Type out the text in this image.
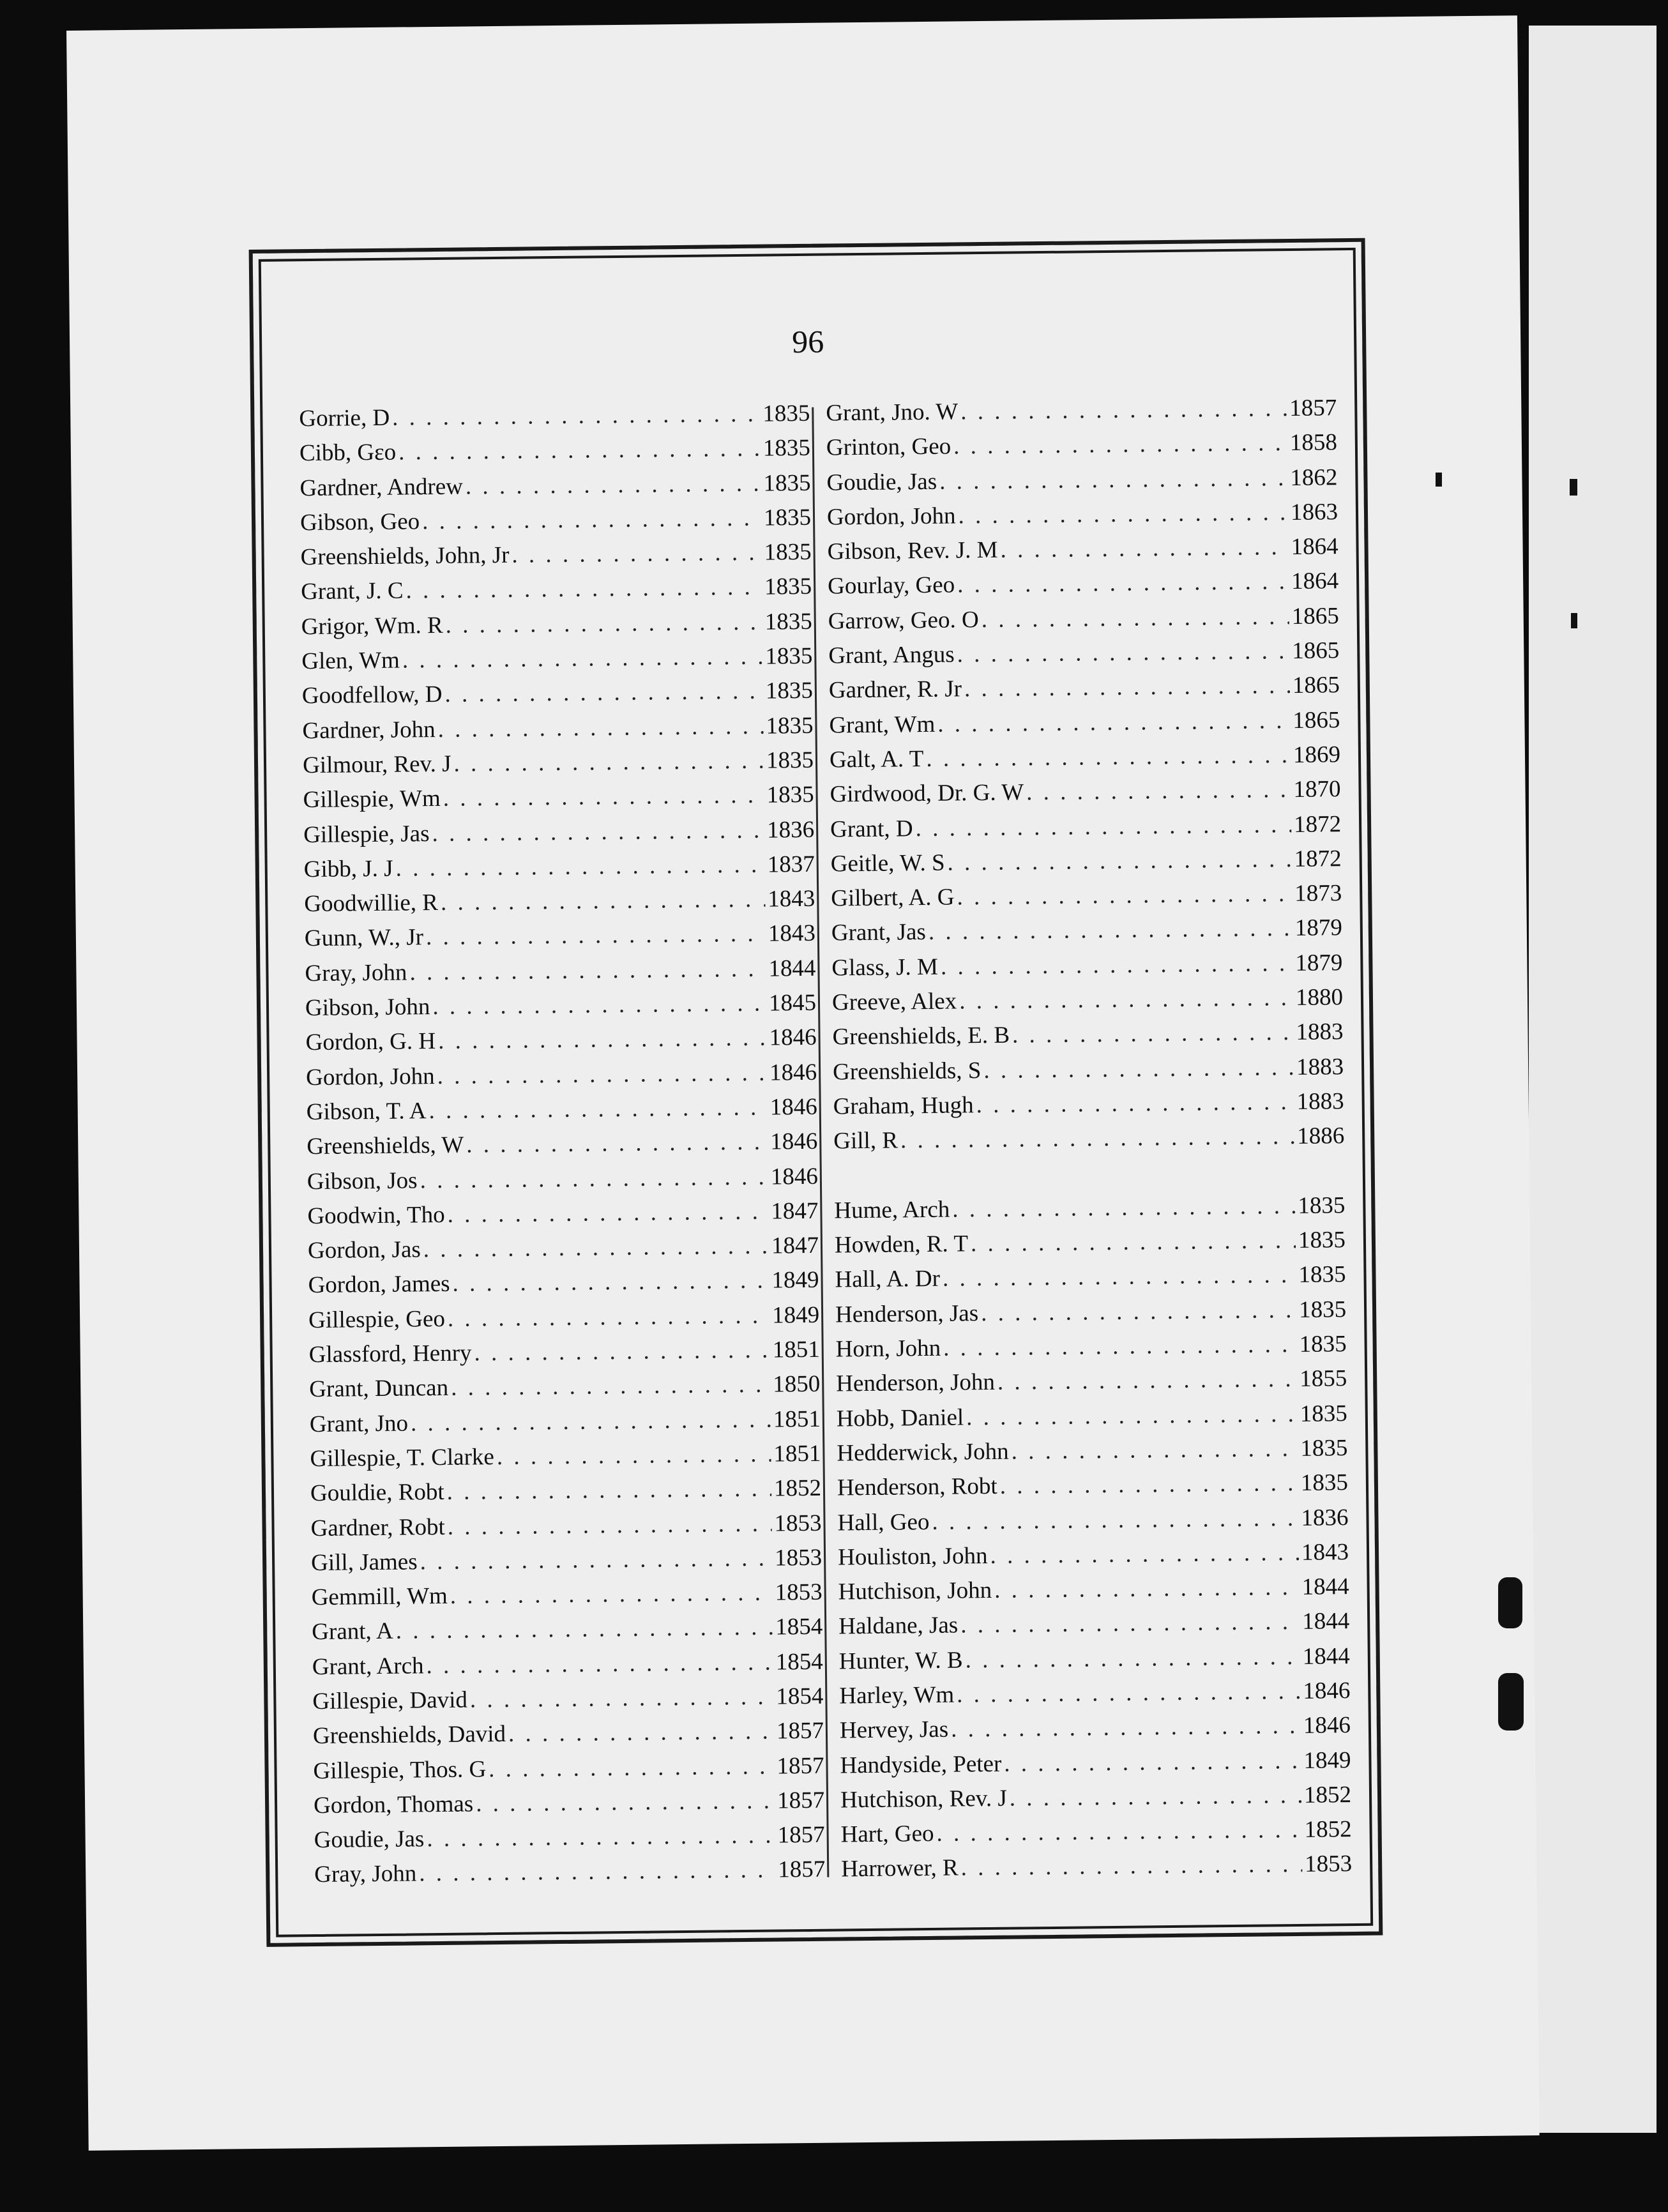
96
Gorrie, D . . .	1835
Cibb, Gɛo . . .	1835
Gardner, Andrew . . .	1835
Gibson, Geo . . .	1835
Greenshields, John, Jr . . .	1835
Grant, J. C . . .	1835
Grigor, Wm. R . . .	1835
Glen, Wm . . .	1835
Goodfellow, D . . .	1835
Gardner, John . . .	1835
Gilmour, Rev. J . . .	1835
Gillespie, Wm . . .	1835
Gillespie, Jas . . .	1836
Gibb, J. J . . .	1837
Goodwillie, R . . .	1843
Gunn, W., Jr . . .	1843
Gray, John . . .	1844
Gibson, John . . .	1845
Gordon, G. H . . .	1846
Gordon, John . . .	1846
Gibson, T. A . . .	1846
Greenshields, W . . .	1846
Gibson, Jos . . .	1846
Goodwin, Tho . . .	1847
Gordon, Jas . . .	1847
Gordon, James . . .	1849
Gillespie, Geo . . .	1849
Glassford, Henry . . .	1851
Grant, Duncan . . .	1850
Grant, Jno . . .	1851
Gillespie, T. Clarke . . .	1851
Gouldie, Robt . . .	1852
Gardner, Robt . . .	1853
Gill, James . . .	1853
Gemmill, Wm . . .	1853
Grant, A . . .	1854
Grant, Arch . . .	1854
Gillespie, David . . .	1854
Greenshields, David . . .	1857
Gillespie, Thos. G . . .	1857
Gordon, Thomas . . .	1857
Goudie, Jas . . .	1857
Gray, John . . .	1857
Grant, Jno. W . . .	1857
Grinton, Geo . . .	1858
Goudie, Jas . . .	1862
Gordon, John . . .	1863
Gibson, Rev. J. M . . .	1864
Gourlay, Geo . . .	1864
Garrow, Geo. O . . .	1865
Grant, Angus . . .	1865
Gardner, R. Jr . . .	1865
Grant, Wm . . .	1865
Galt, A. T . . .	1869
Girdwood, Dr. G. W . . .	1870
Grant, D . . .	1872
Geitle, W. S . . .	1872
Gilbert, A. G . . .	1873
Grant, Jas . . .	1879
Glass, J. M . . .	1879
Greeve, Alex . . .	1880
Greenshields, E. B . . .	1883
Greenshields, S . . .	1883
Graham, Hugh . . .	1883
Gill, R . . .	1886
Hume, Arch . . .	1835
Howden, R. T . . .	1835
Hall, A. Dr . . .	1835
Henderson, Jas . . .	1835
Horn, John . . .	1835
Henderson, John . . .	1855
Hobb, Daniel . . .	1835
Hedderwick, John . . .	1835
Henderson, Robt . . .	1835
Hall, Geo . . .	1836
Houliston, John . . .	1843
Hutchison, John . . .	1844
Haldane, Jas . . .	1844
Hunter, W. B . . .	1844
Harley, Wm . . .	1846
Hervey, Jas . . .	1846
Handyside, Peter . . .	1849
Hutchison, Rev. J . . .	1852
Hart, Geo . . .	1852
Harrower, R . . .	1853
